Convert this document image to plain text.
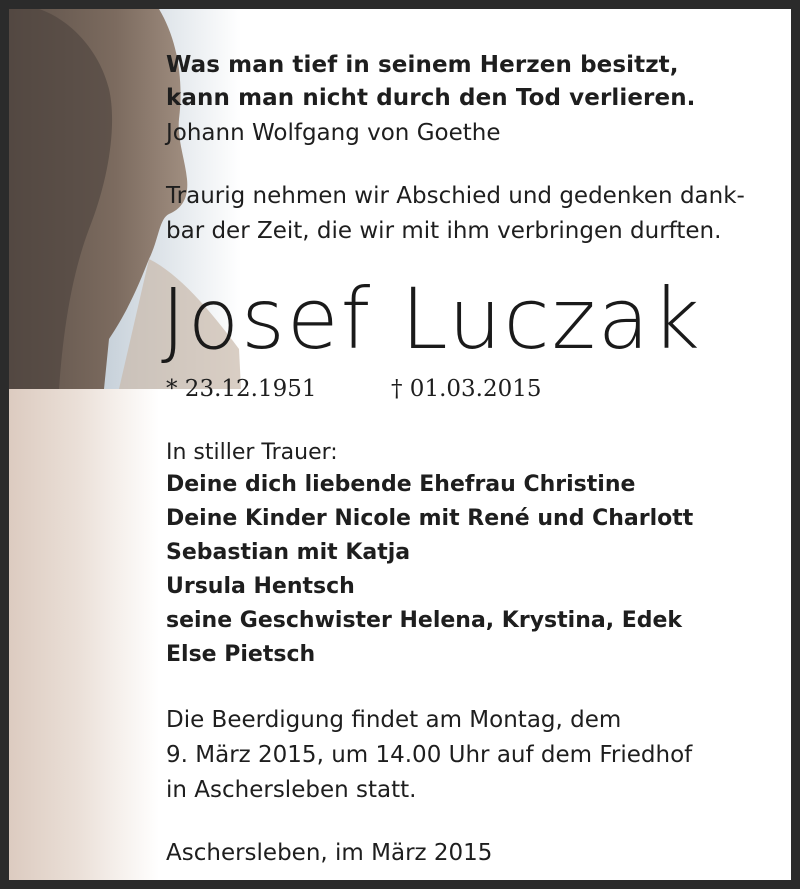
Was man tief in seinem Herzen besitzt,
kann man nicht durch den Tod verlieren.
Johann Wolfgang von Goethe
Traurig nehmen wir Abschied und gedenken dank-
bar der Zeit, die wir mit ihm verbringen durften.
Josef Luczak
* 23.12.1951	† 01.03.2015
In stiller Trauer:
Deine dich liebende Ehefrau Christine
Deine Kinder Nicole mit René und Charlott
Sebastian mit Katja
Ursula Hentsch
seine Geschwister Helena, Krystina, Edek
Else Pietsch
Die Beerdigung findet am Montag, dem
9. März 2015, um 14.00 Uhr auf dem Friedhof
in Aschersleben statt.
Aschersleben, im März 2015
